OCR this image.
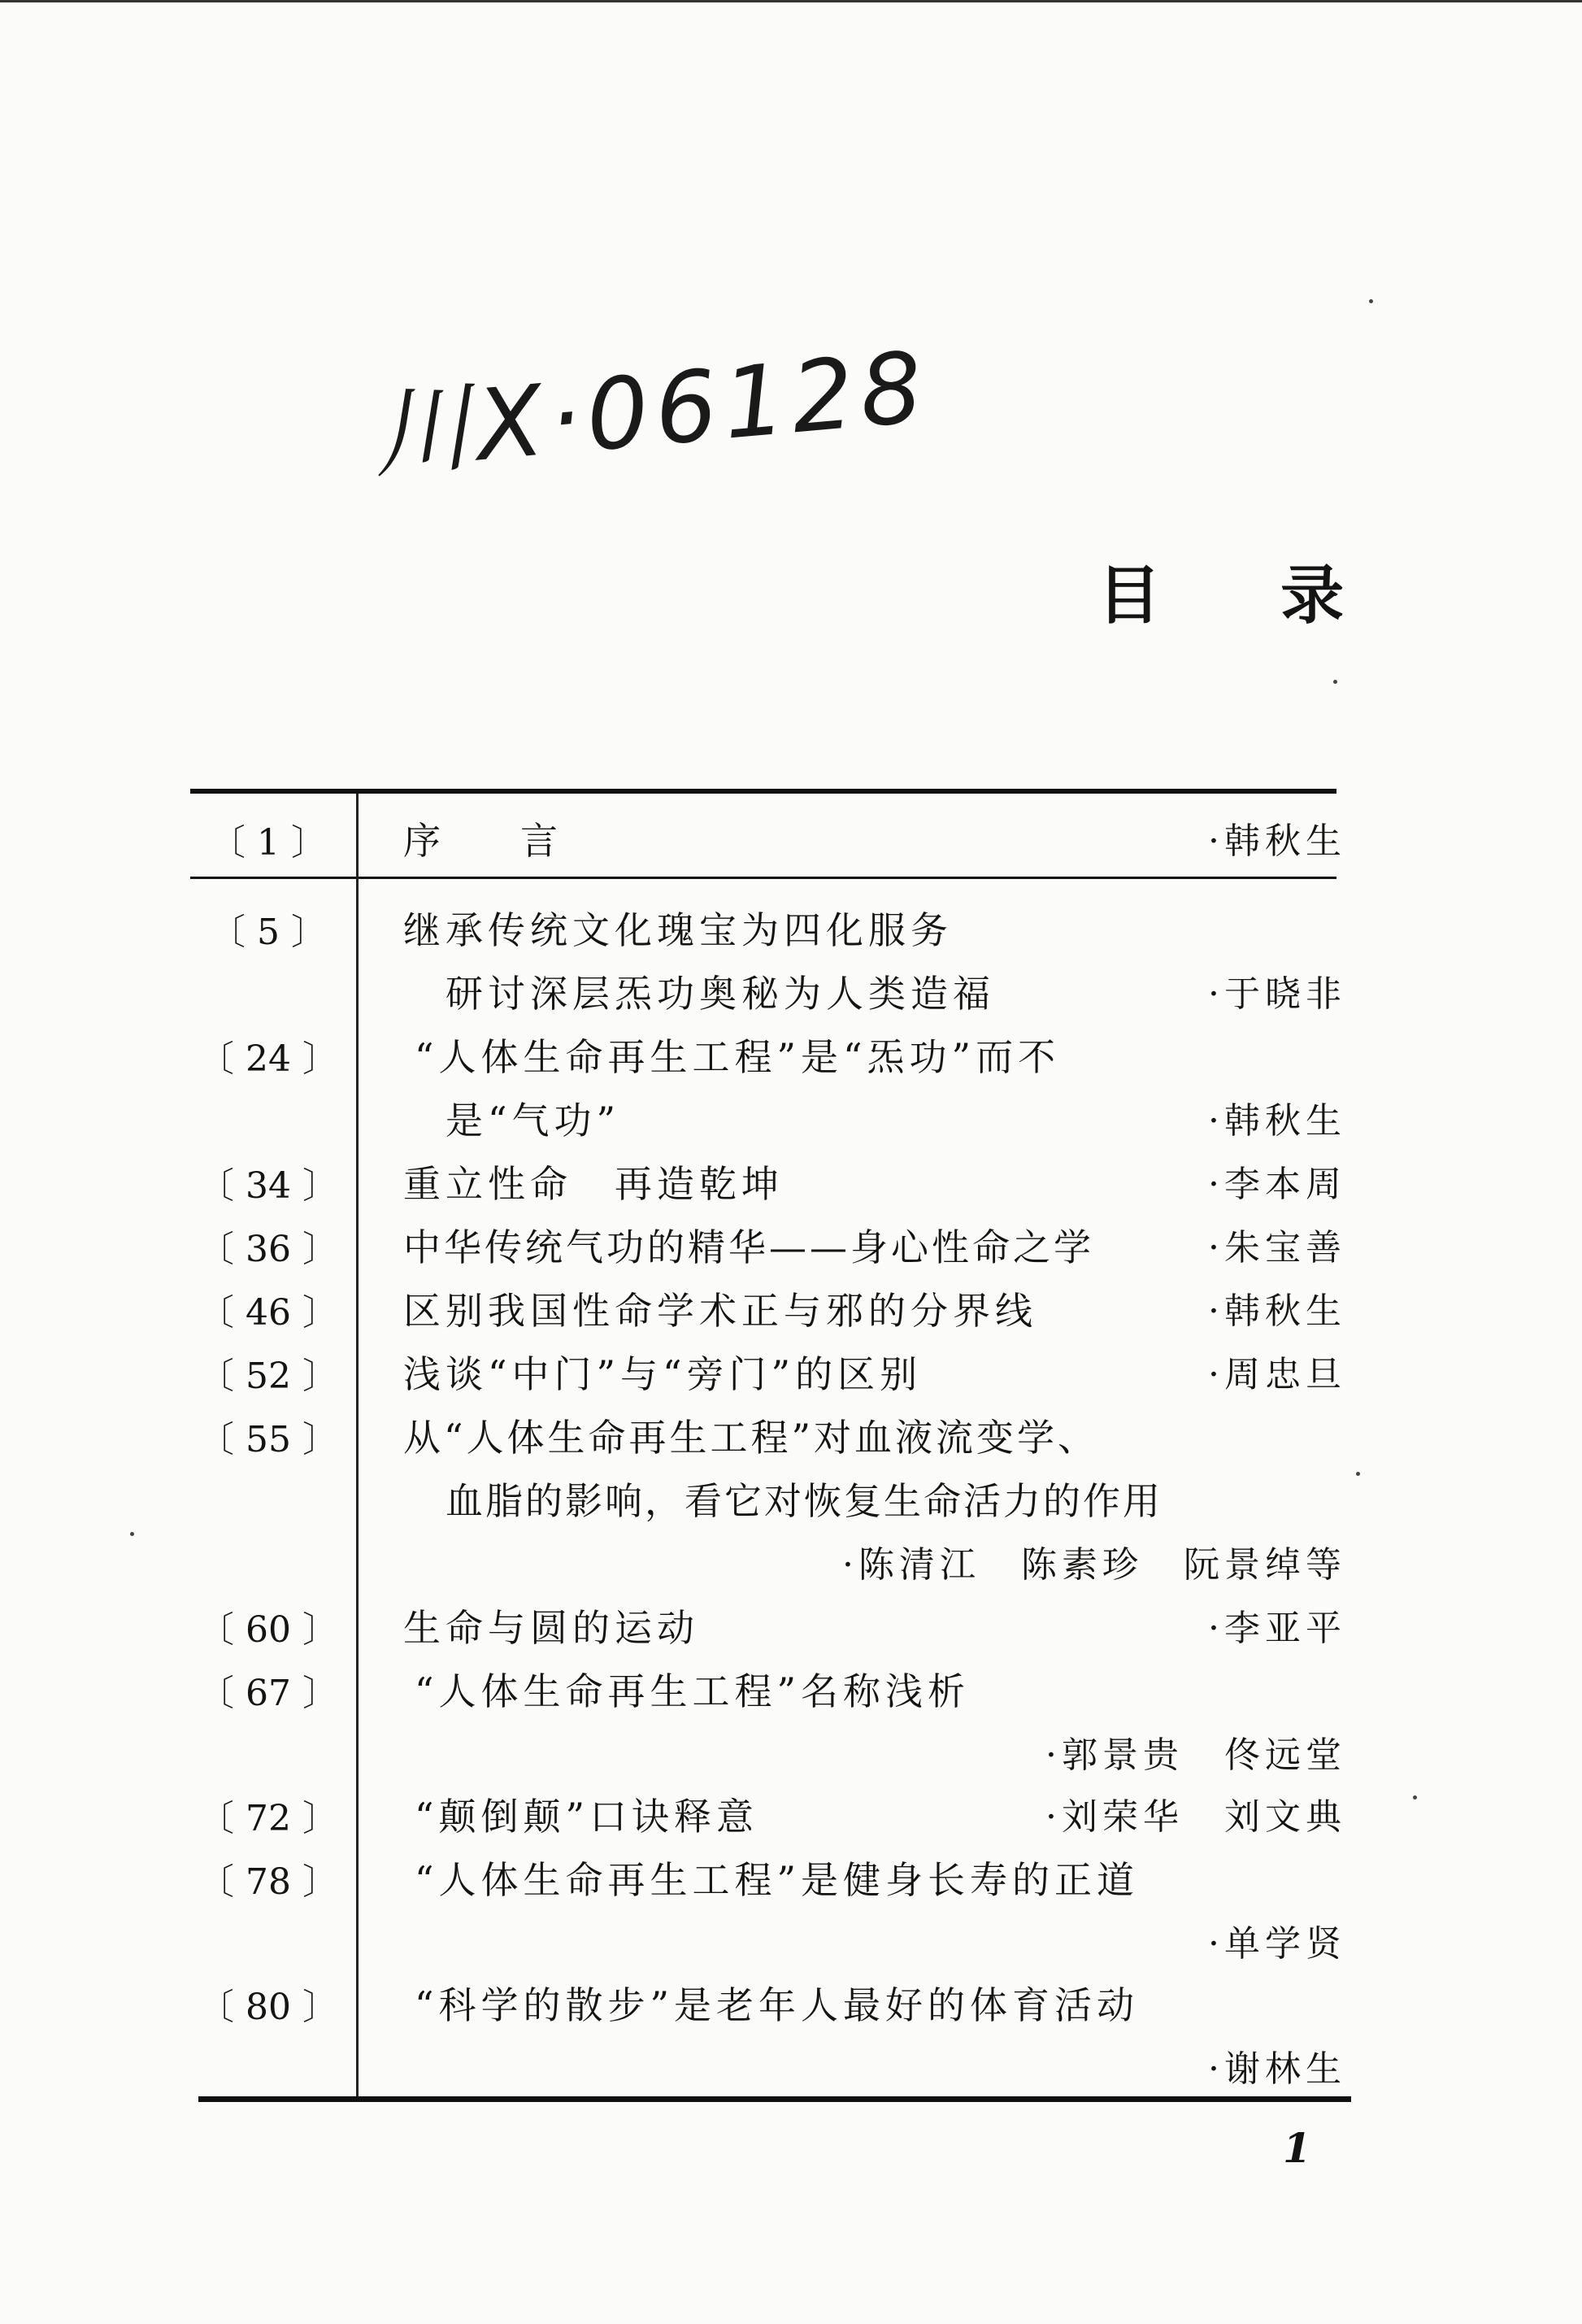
川Χ·06128
目 录
〔 1 〕	序　　言	·韩秋生
〔 5 〕	继承传统文化瑰宝为四化服务
研讨深层炁功奥秘为人类造福	·于晓非
〔 24 〕 “人体生命再生工程”是“炁功”而不
是“气功”	·韩秋生
〔 34 〕 重立性命　再造乾坤	·李本周
〔 36 〕 中华传统气功的精华——身心性命之学	·朱宝善
〔 46 〕 区别我国性命学术正与邪的分界线	·韩秋生
〔 52 〕 浅谈“中门”与“旁门”的区别	·周忠旦
〔 55 〕 从“人体生命再生工程”对血液流变学、
血脂的影响，看它对恢复生命活力的作用
·陈清江　陈素珍　阮景绰等
〔 60 〕 生命与圆的运动	·李亚平
〔 67 〕 “人体生命再生工程”名称浅析
·郭景贵　佟远堂
〔 72 〕 “颠倒颠”口诀释意	·刘荣华　刘文典
〔 78 〕 “人体生命再生工程”是健身长寿的正道
·单学贤
〔 80 〕 “科学的散步”是老年人最好的体育活动
·谢林生
1
